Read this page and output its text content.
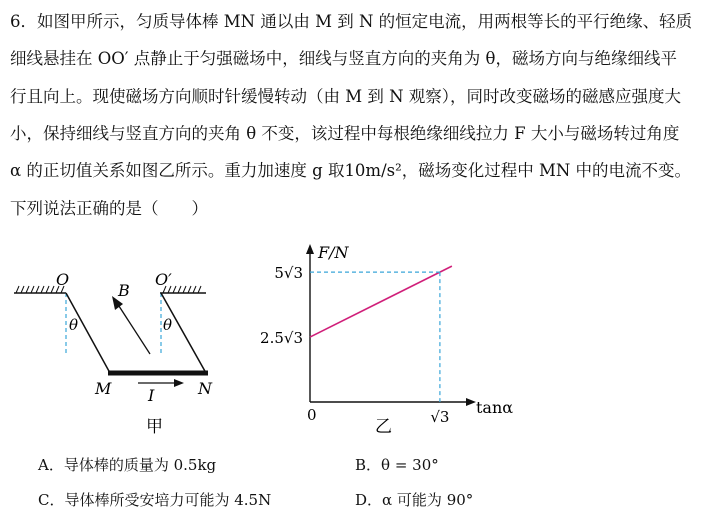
6．如图甲所示，匀质导体棒 MN 通以由 M 到 N 的恒定电流，用两根等长的平行绝缘、轻质
细线悬挂在 OO′ 点静止于匀强磁场中，细线与竖直方向的夹角为 θ，磁场方向与绝缘细线平
行且向上。现使磁场方向顺时针缓慢转动（由 M 到 N 观察），同时改变磁场的磁感应强度大
小，保持细线与竖直方向的夹角 θ 不变，该过程中每根绝缘细线拉力 F 大小与磁场转过角度
α 的正切值关系如图乙所示。重力加速度 g 取10m/s²，磁场变化过程中 MN 中的电流不变。
下列说法正确的是（　　）
O	O′
B
θ	θ
M	N
I
甲
F/N
tanα
0
5√3
2.5√3
√3
乙
A．导体棒的质量为 0.5kg	B．θ = 30°
C．导体棒所受安培力可能为 4.5N	D．α 可能为 90°
